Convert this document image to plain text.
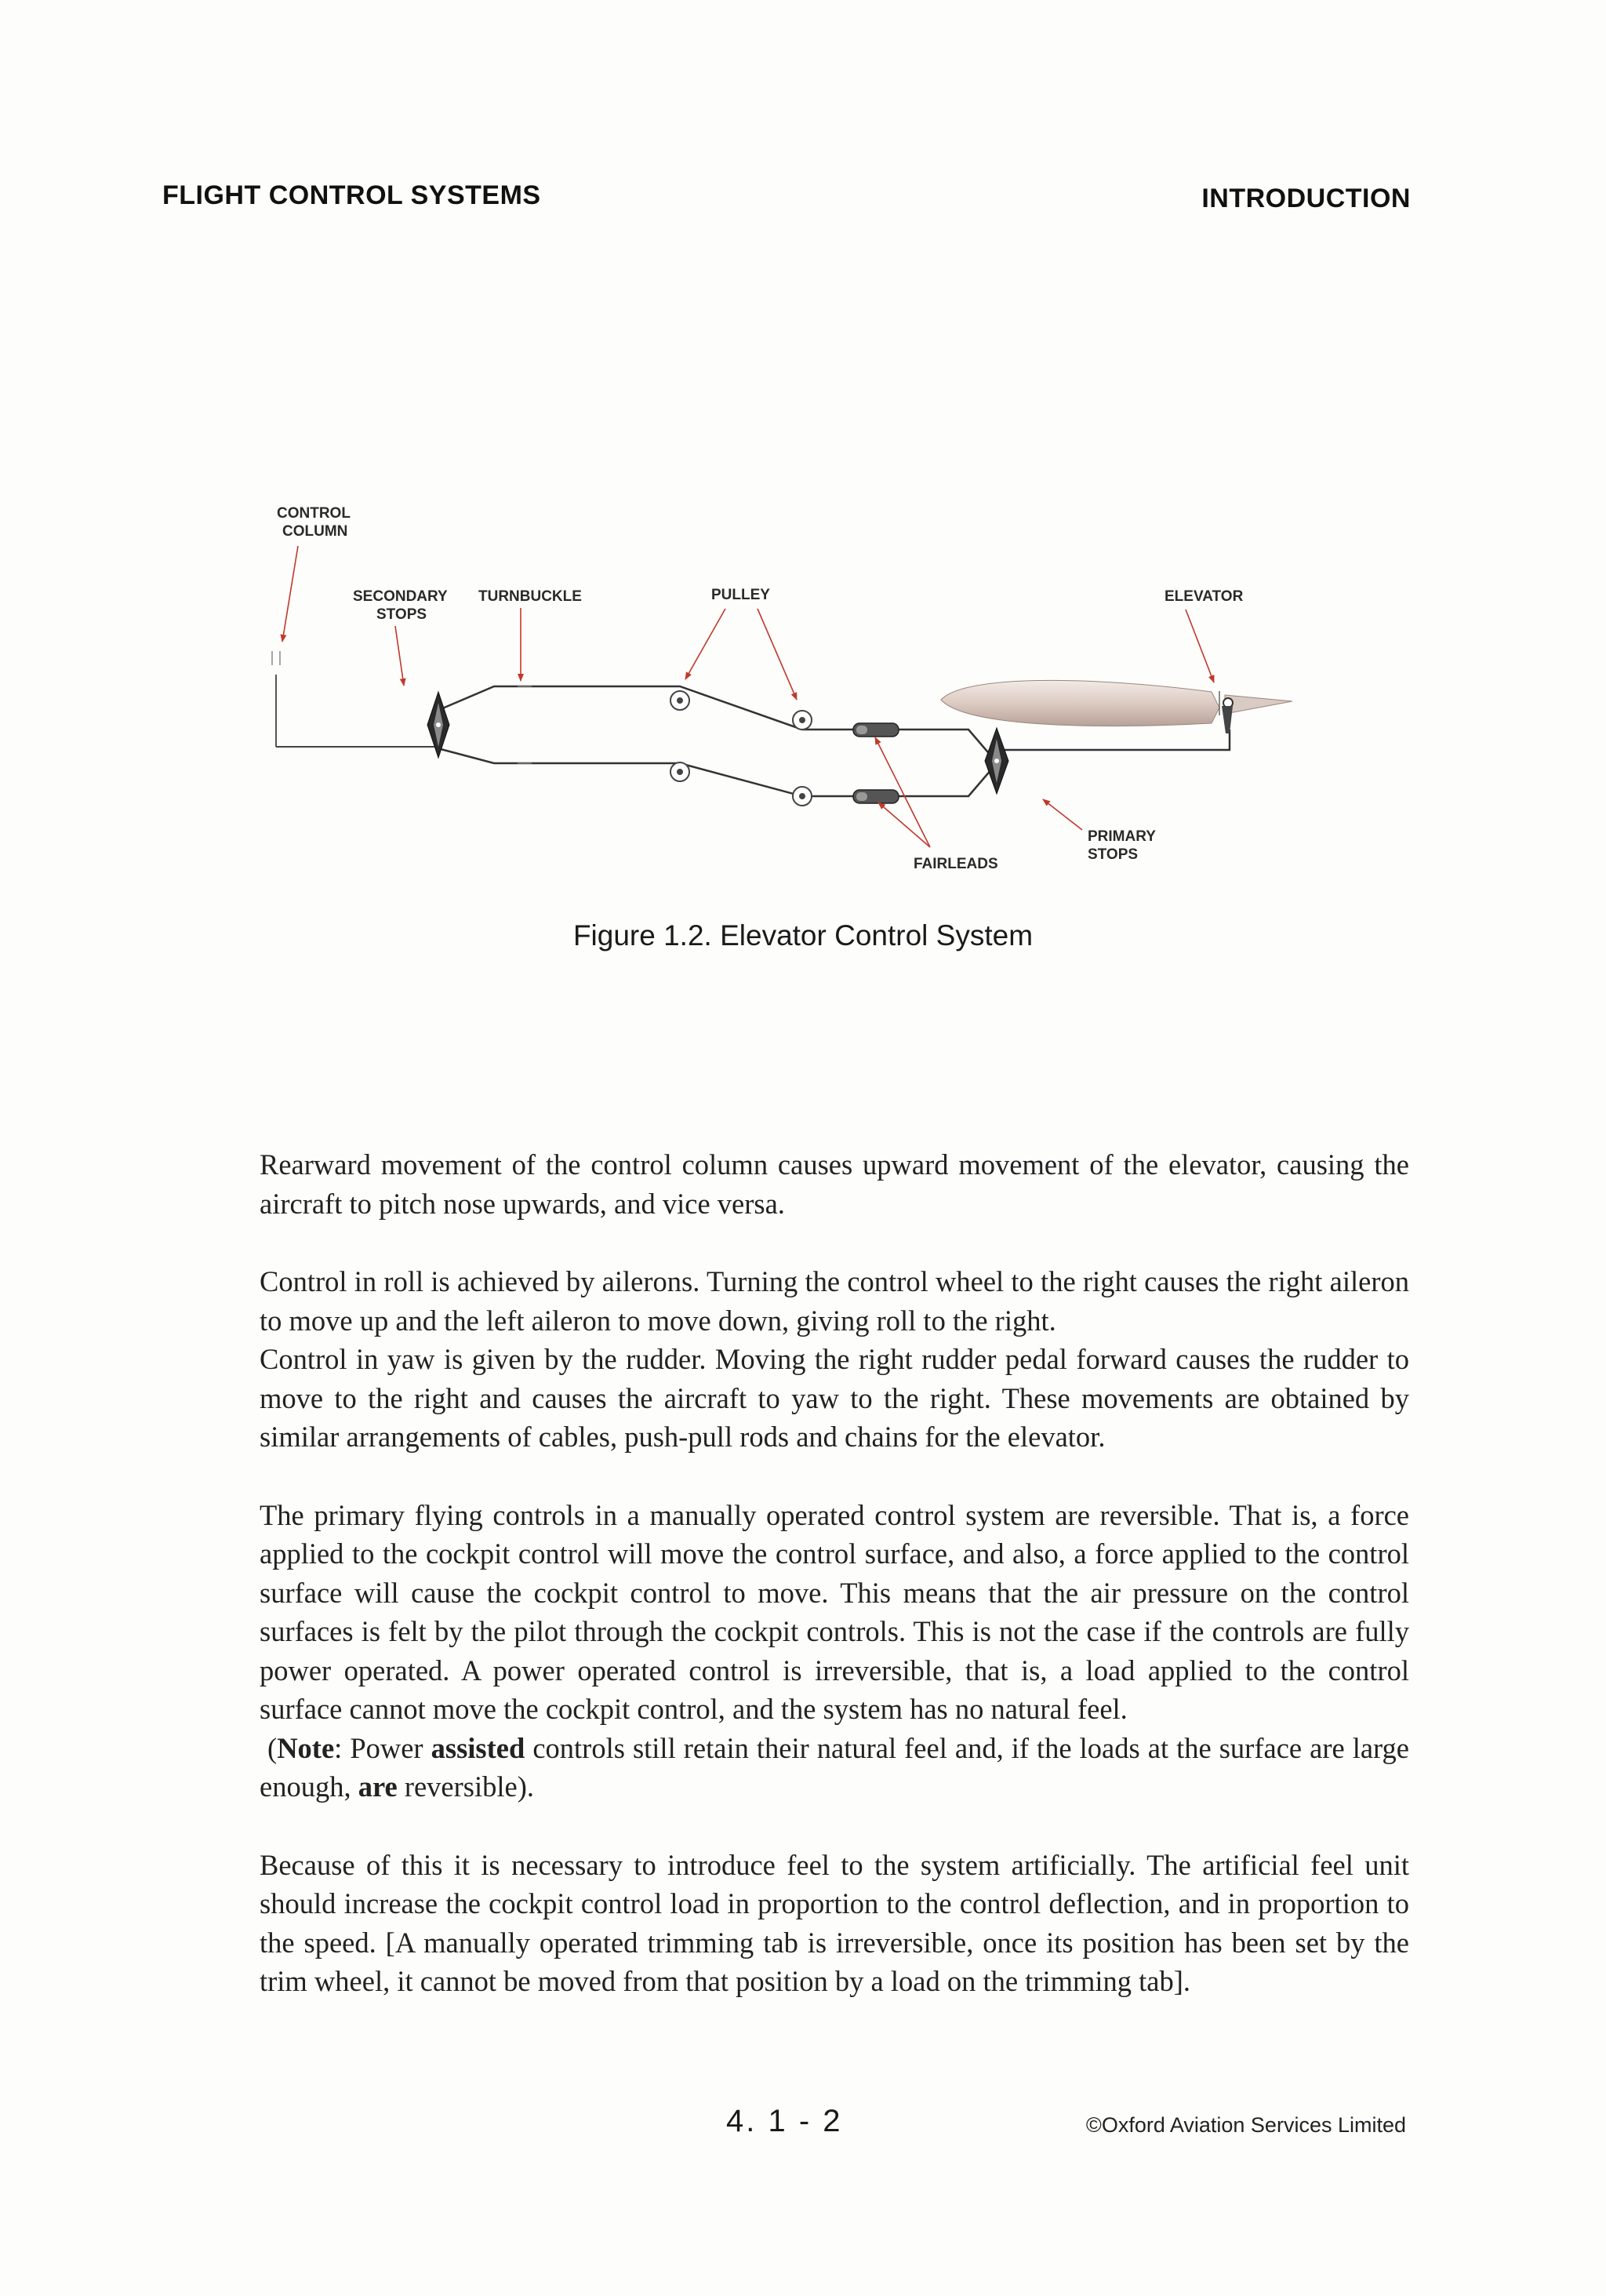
FLIGHT CONTROL SYSTEMS	INTRODUCTION
CONTROL
COLUMN
SECONDARY
STOPS
TURNBUCKLE	PULLEY	ELEVATOR
PRIMARY
STOPS
FAIRLEADS
Figure 1.2. Elevator Control System

Rearward movement of the control column causes upward movement of the elevator, causing the aircraft to pitch nose upwards, and vice versa.

Control in roll is achieved by ailerons. Turning the control wheel to the right causes the right aileron to move up and the left aileron to move down, giving roll to the right.

Control in yaw is given by the rudder. Moving the right rudder pedal forward causes the rudder to move to the right and causes the aircraft to yaw to the right. These movements are obtained by similar arrangements of cables, push-pull rods and chains for the elevator.

The primary flying controls in a manually operated control system are reversible. That is, a force applied to the cockpit control will move the control surface, and also, a force applied to the control surface will cause the cockpit control to move. This means that the air pressure on the control surfaces is felt by the pilot through the cockpit controls. This is not the case if the controls are fully power operated. A power operated control is irreversible, that is, a load applied to the control surface cannot move the cockpit control, and the system has no natural feel.

(Note: Power assisted controls still retain their natural feel and, if the loads at the surface are large enough, are reversible).

Because of this it is necessary to introduce feel to the system artificially. The artificial feel unit should increase the cockpit control load in proportion to the control deflection, and in proportion to the speed. [A manually operated trimming tab is irreversible, once its position has been set by the trim wheel, it cannot be moved from that position by a load on the trimming tab].

4. 1 - 2	©Oxford Aviation Services Limited
